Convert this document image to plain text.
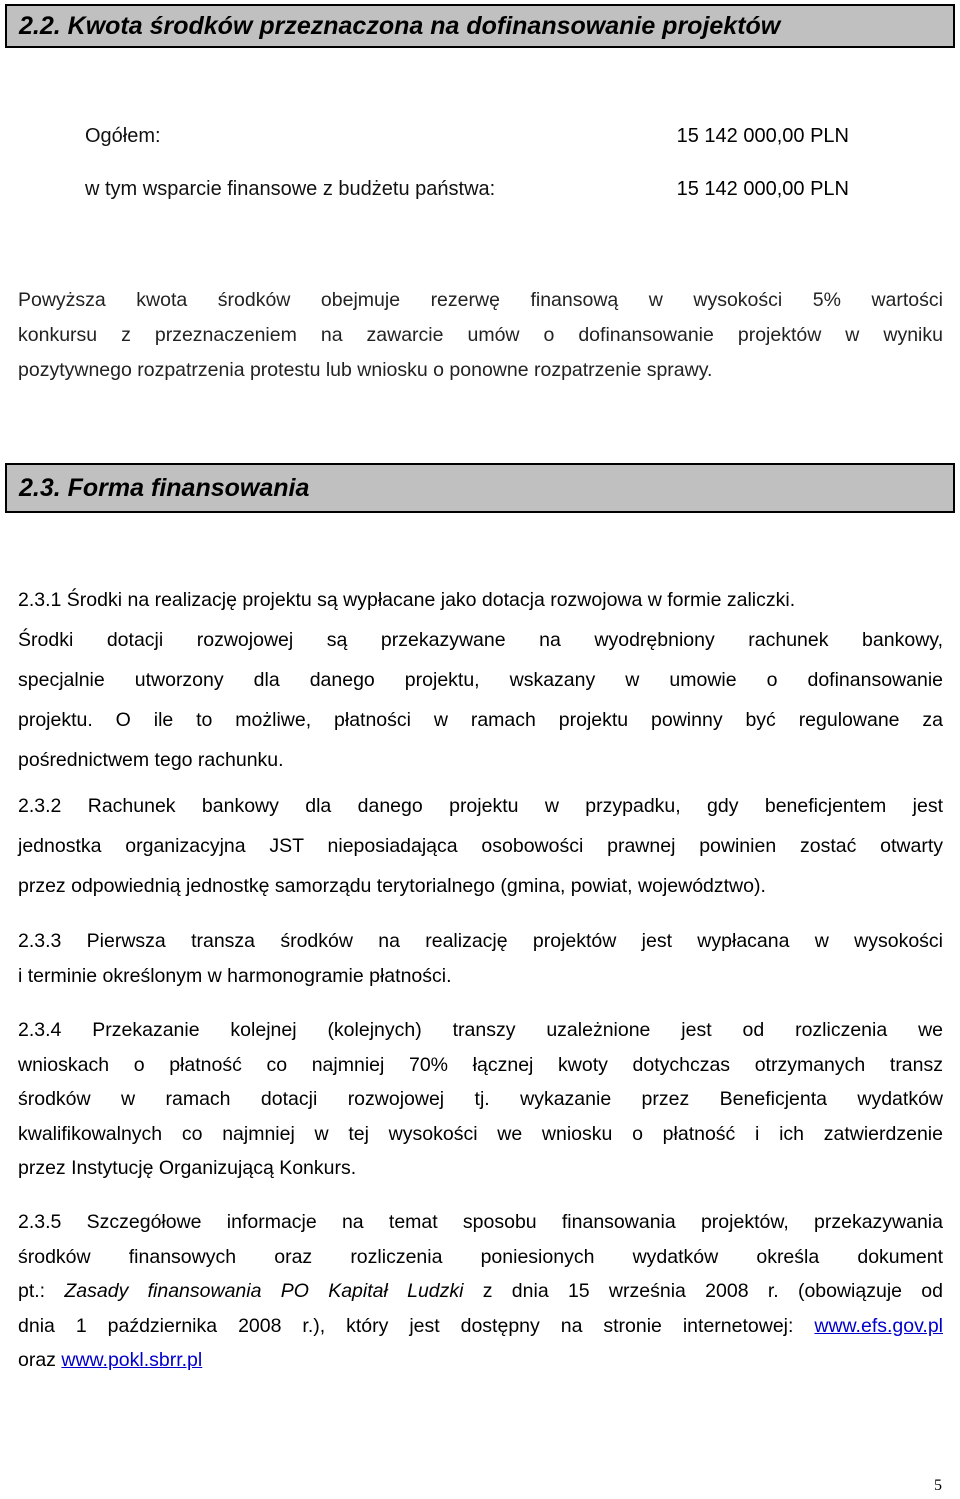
2.2. Kwota środków przeznaczona na dofinansowanie projektów
Ogółem:	15 142 000,00 PLN
w tym wsparcie finansowe z budżetu państwa:	15 142 000,00 PLN
Powyższa kwota środków obejmuje rezerwę finansową w wysokości 5% wartości
konkursu z przeznaczeniem na zawarcie umów o dofinansowanie projektów w wyniku
pozytywnego rozpatrzenia protestu lub wniosku o ponowne rozpatrzenie sprawy.
2.3. Forma finansowania
2.3.1 Środki na realizację projektu są wypłacane jako dotacja rozwojowa w formie zaliczki.
Środki dotacji rozwojowej są przekazywane na wyodrębniony rachunek bankowy,
specjalnie utworzony dla danego projektu, wskazany w umowie o dofinansowanie
projektu. O ile to możliwe, płatności w ramach projektu powinny być regulowane za
pośrednictwem tego rachunku.
2.3.2 Rachunek bankowy dla danego projektu w przypadku, gdy beneficjentem jest
jednostka organizacyjna JST nieposiadająca osobowości prawnej powinien zostać otwarty
przez odpowiednią jednostkę samorządu terytorialnego (gmina, powiat, województwo).
2.3.3 Pierwsza transza środków na realizację projektów jest wypłacana w wysokości
i terminie określonym w harmonogramie płatności.
2.3.4 Przekazanie kolejnej (kolejnych) transzy uzależnione jest od rozliczenia we
wnioskach o płatność co najmniej 70% łącznej kwoty dotychczas otrzymanych transz
środków w ramach dotacji rozwojowej tj. wykazanie przez Beneficjenta wydatków
kwalifikowalnych co najmniej w tej wysokości we wniosku o płatność i ich zatwierdzenie
przez Instytucję Organizującą Konkurs.
2.3.5 Szczegółowe informacje na temat sposobu finansowania projektów, przekazywania
środków finansowych oraz rozliczenia poniesionych wydatków określa dokument
pt.: Zasady finansowania PO Kapitał Ludzki z dnia 15 września 2008 r. (obowiązuje od
dnia 1 października 2008 r.), który jest dostępny na stronie internetowej: www.efs.gov.pl
oraz www.pokl.sbrr.pl
5
